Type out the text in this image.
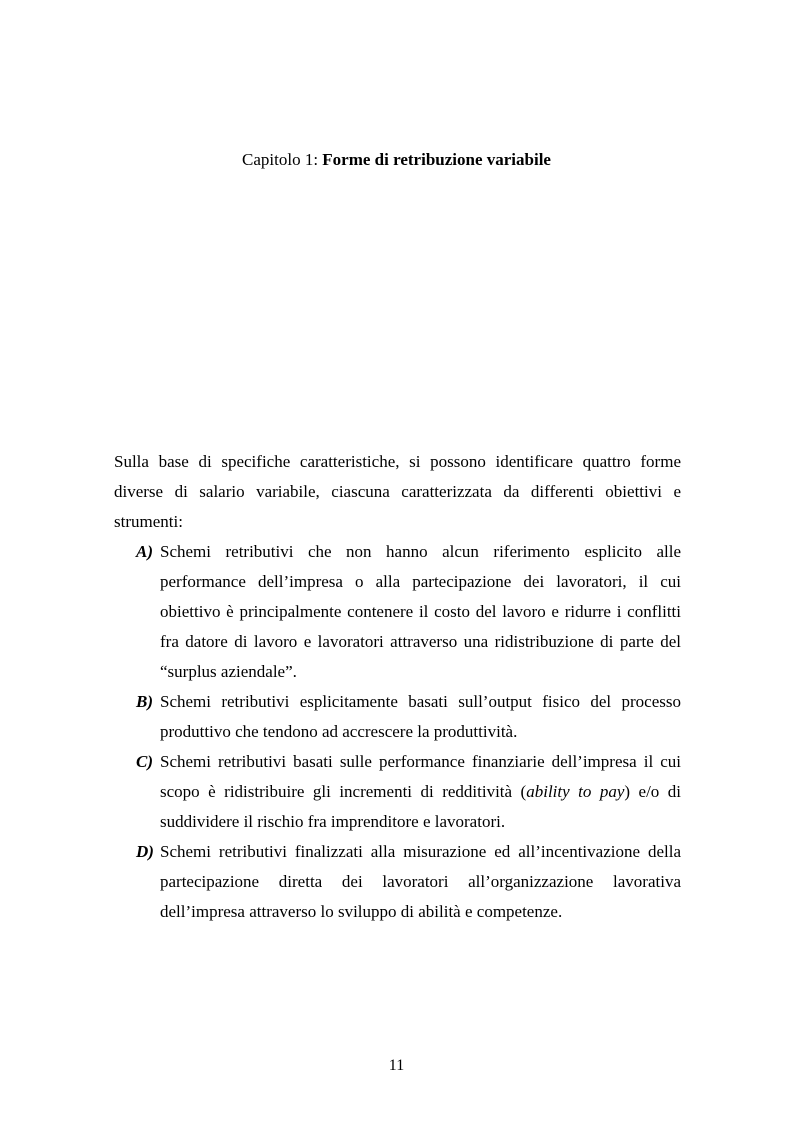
Capitolo 1: Forme di retribuzione variabile

Sulla base di specifiche caratteristiche, si possono identificare quattro forme diverse di salario variabile, ciascuna caratterizzata da differenti obiettivi e strumenti:

A) Schemi retributivi che non hanno alcun riferimento esplicito alle performance dell’impresa o alla partecipazione dei lavoratori, il cui obiettivo è principalmente contenere il costo del lavoro e ridurre i conflitti fra datore di lavoro e lavoratori attraverso una ridistribuzione di parte del “surplus aziendale”.
B) Schemi retributivi esplicitamente basati sull’output fisico del processo produttivo che tendono ad accrescere la produttività.
C) Schemi retributivi basati sulle performance finanziarie dell’impresa il cui scopo è ridistribuire gli incrementi di redditività (ability to pay) e/o di suddividere il rischio fra imprenditore e lavoratori.
D) Schemi retributivi finalizzati alla misurazione ed all’incentivazione della partecipazione diretta dei lavoratori all’organizzazione lavorativa dell’impresa attraverso lo sviluppo di abilità e competenze.
11
